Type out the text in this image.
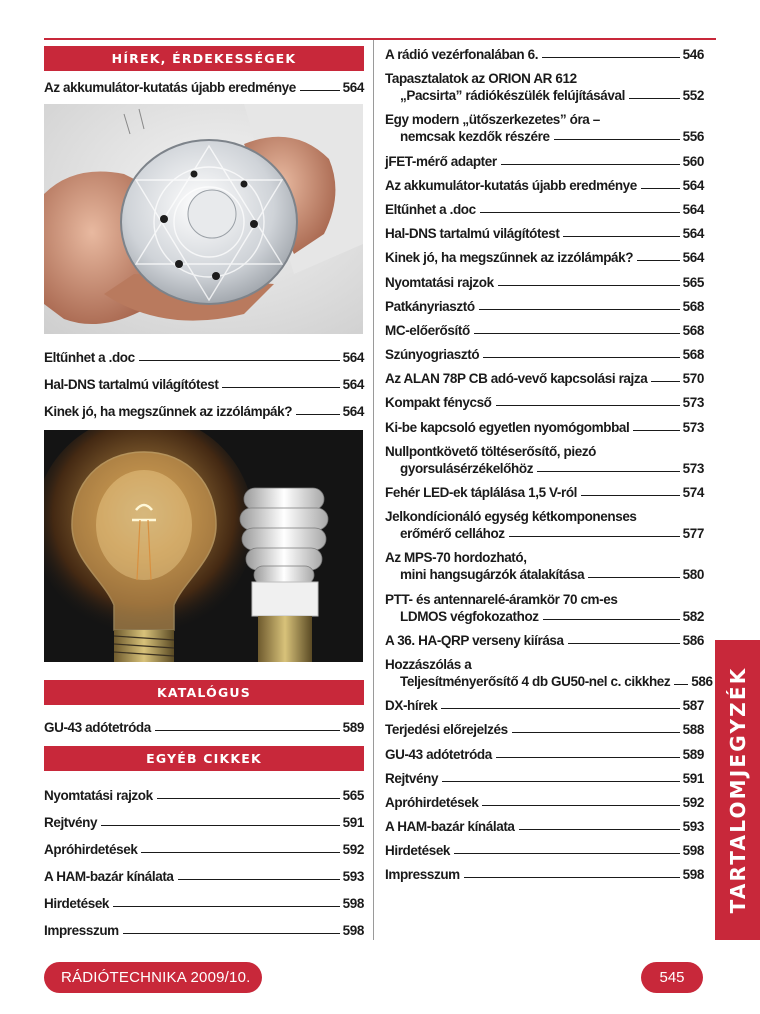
HÍREK, ÉRDEKESSÉGEK
Az akkumulátor-kutatás újabb eredménye	564
Eltűnhet a .doc	564
Hal-DNS tartalmú világítótest	564
Kinek jó, ha megszűnnek az izzólámpák?	564
KATALÓGUS
GU-43 adótetróda	589
EGYÉB CIKKEK
Nyomtatási rajzok	565
Rejtvény	591
Apróhirdetések	592
A HAM-bazár kínálata	593
Hirdetések	598
Impresszum	598
A rádió vezérfonalában 6.	546
Tapasztalatok az ORION AR 612
„Pacsirta” rádiókészülék felújításával	552
Egy modern „ütőszerkezetes” óra –
nemcsak kezdők részére	556
jFET-mérő adapter	560
Az akkumulátor-kutatás újabb eredménye	564
Eltűnhet a .doc	564
Hal-DNS tartalmú világítótest	564
Kinek jó, ha megszűnnek az izzólámpák?	564
Nyomtatási rajzok	565
Patkányriasztó	568
MC-előerősítő	568
Szúnyogriasztó	568
Az ALAN 78P CB adó-vevő kapcsolási rajza	570
Kompakt fénycső	573
Ki-be kapcsoló egyetlen nyomógombbal	573
Nullpontkövető töltéserősítő, piezó
gyorsulásérzékelőhöz	573
Fehér LED-ek táplálása 1,5 V-ról	574
Jelkondícionáló egység kétkomponenses
erőmérő cellához	577
Az MPS-70 hordozható,
mini hangsugárzók átalakítása	580
PTT- és antennarelé-áramkör 70 cm-es
LDMOS végfokozathoz	582
A 36. HA-QRP verseny kiírása	586
Hozzászólás a
Teljesítményerősítő 4 db GU50-nel c. cikkhez 586
DX-hírek	587
Terjedési előrejelzés	588
GU-43 adótetróda	589
Rejtvény	591
Apróhirdetések	592
A HAM-bazár kínálata	593
Hirdetések	598
Impresszum	598 TARTALOMJEGYZÉK
RÁDIÓTECHNIKA 2009/10.	545
